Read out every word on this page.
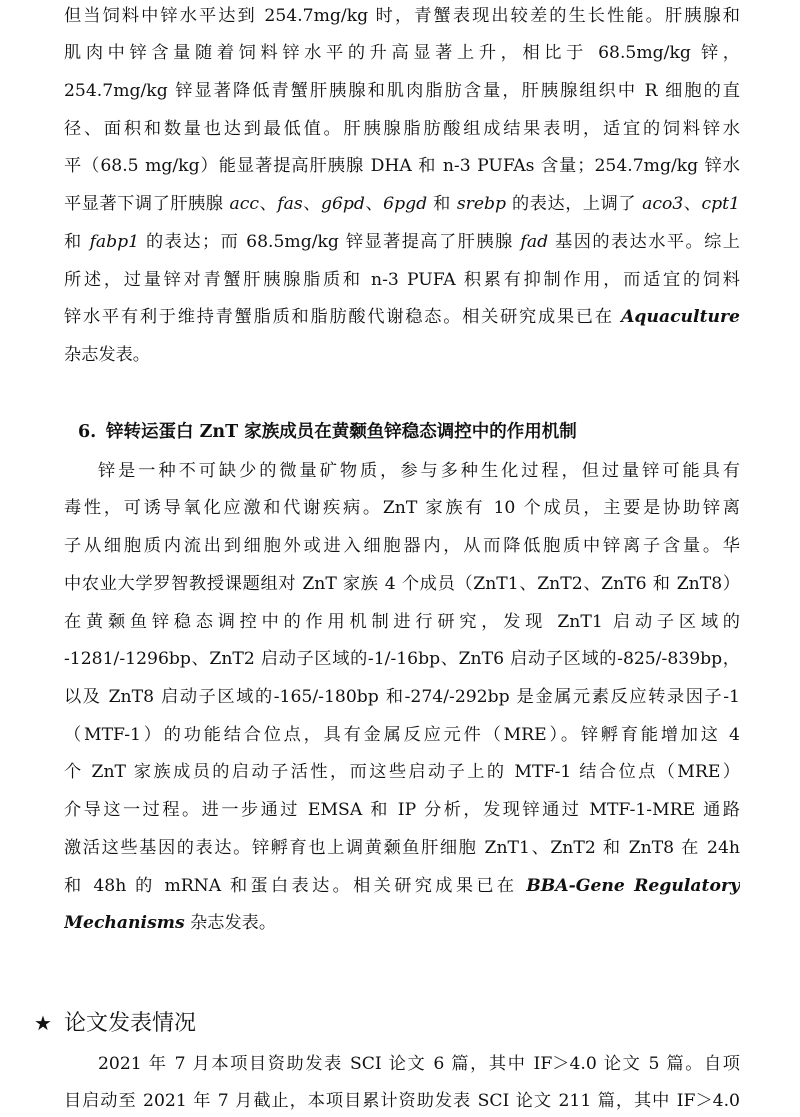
但当饲料中锌水平达到 254.7mg/kg 时，青蟹表现出较差的生长性能。肝胰腺和
肌肉中锌含量随着饲料锌水平的升高显著上升，相比于 68.5mg/kg 锌，
254.7mg/kg 锌显著降低青蟹肝胰腺和肌肉脂肪含量，肝胰腺组织中 R 细胞的直
径、面积和数量也达到最低值。肝胰腺脂肪酸组成结果表明，适宜的饲料锌水
平（68.5 mg/kg）能显著提高肝胰腺 DHA 和 n-3 PUFAs 含量；254.7mg/kg 锌水
平显著下调了肝胰腺 acc、fas、g6pd、6pgd 和 srebp 的表达，上调了 aco3、cpt1
和 fabp1 的表达；而 68.5mg/kg 锌显著提高了肝胰腺 fad 基因的表达水平。综上
所述，过量锌对青蟹肝胰腺脂质和 n-3 PUFA 积累有抑制作用，而适宜的饲料
锌水平有利于维持青蟹脂质和脂肪酸代谢稳态。相关研究成果已在 Aquaculture
杂志发表。
6. 锌转运蛋白 ZnT 家族成员在黄颡鱼锌稳态调控中的作用机制
锌是一种不可缺少的微量矿物质，参与多种生化过程，但过量锌可能具有
毒性，可诱导氧化应激和代谢疾病。ZnT 家族有 10 个成员，主要是协助锌离
子从细胞质内流出到细胞外或进入细胞器内，从而降低胞质中锌离子含量。华
中农业大学罗智教授课题组对 ZnT 家族 4 个成员（ZnT1、ZnT2、ZnT6 和 ZnT8）
在黄颡鱼锌稳态调控中的作用机制进行研究，发现 ZnT1 启动子区域的
-1281/-1296bp、ZnT2 启动子区域的-1/-16bp、ZnT6 启动子区域的-825/-839bp，
以及 ZnT8 启动子区域的-165/-180bp 和-274/-292bp 是金属元素反应转录因子-1
（MTF-1）的功能结合位点，具有金属反应元件（MRE）。锌孵育能增加这 4
个 ZnT 家族成员的启动子活性，而这些启动子上的 MTF-1 结合位点（MRE）
介导这一过程。进一步通过 EMSA 和 IP 分析，发现锌通过 MTF-1-MRE 通路
激活这些基因的表达。锌孵育也上调黄颡鱼肝细胞 ZnT1、ZnT2 和 ZnT8 在 24h
和 48h 的 mRNA 和蛋白表达。相关研究成果已在 BBA-Gene Regulatory
Mechanisms 杂志发表。
★ 论文发表情况
2021 年 7 月本项目资助发表 SCI 论文 6 篇，其中 IF＞4.0 论文 5 篇。自项
目启动至 2021 年 7 月截止，本项目累计资助发表 SCI 论文 211 篇，其中 IF＞4.0
